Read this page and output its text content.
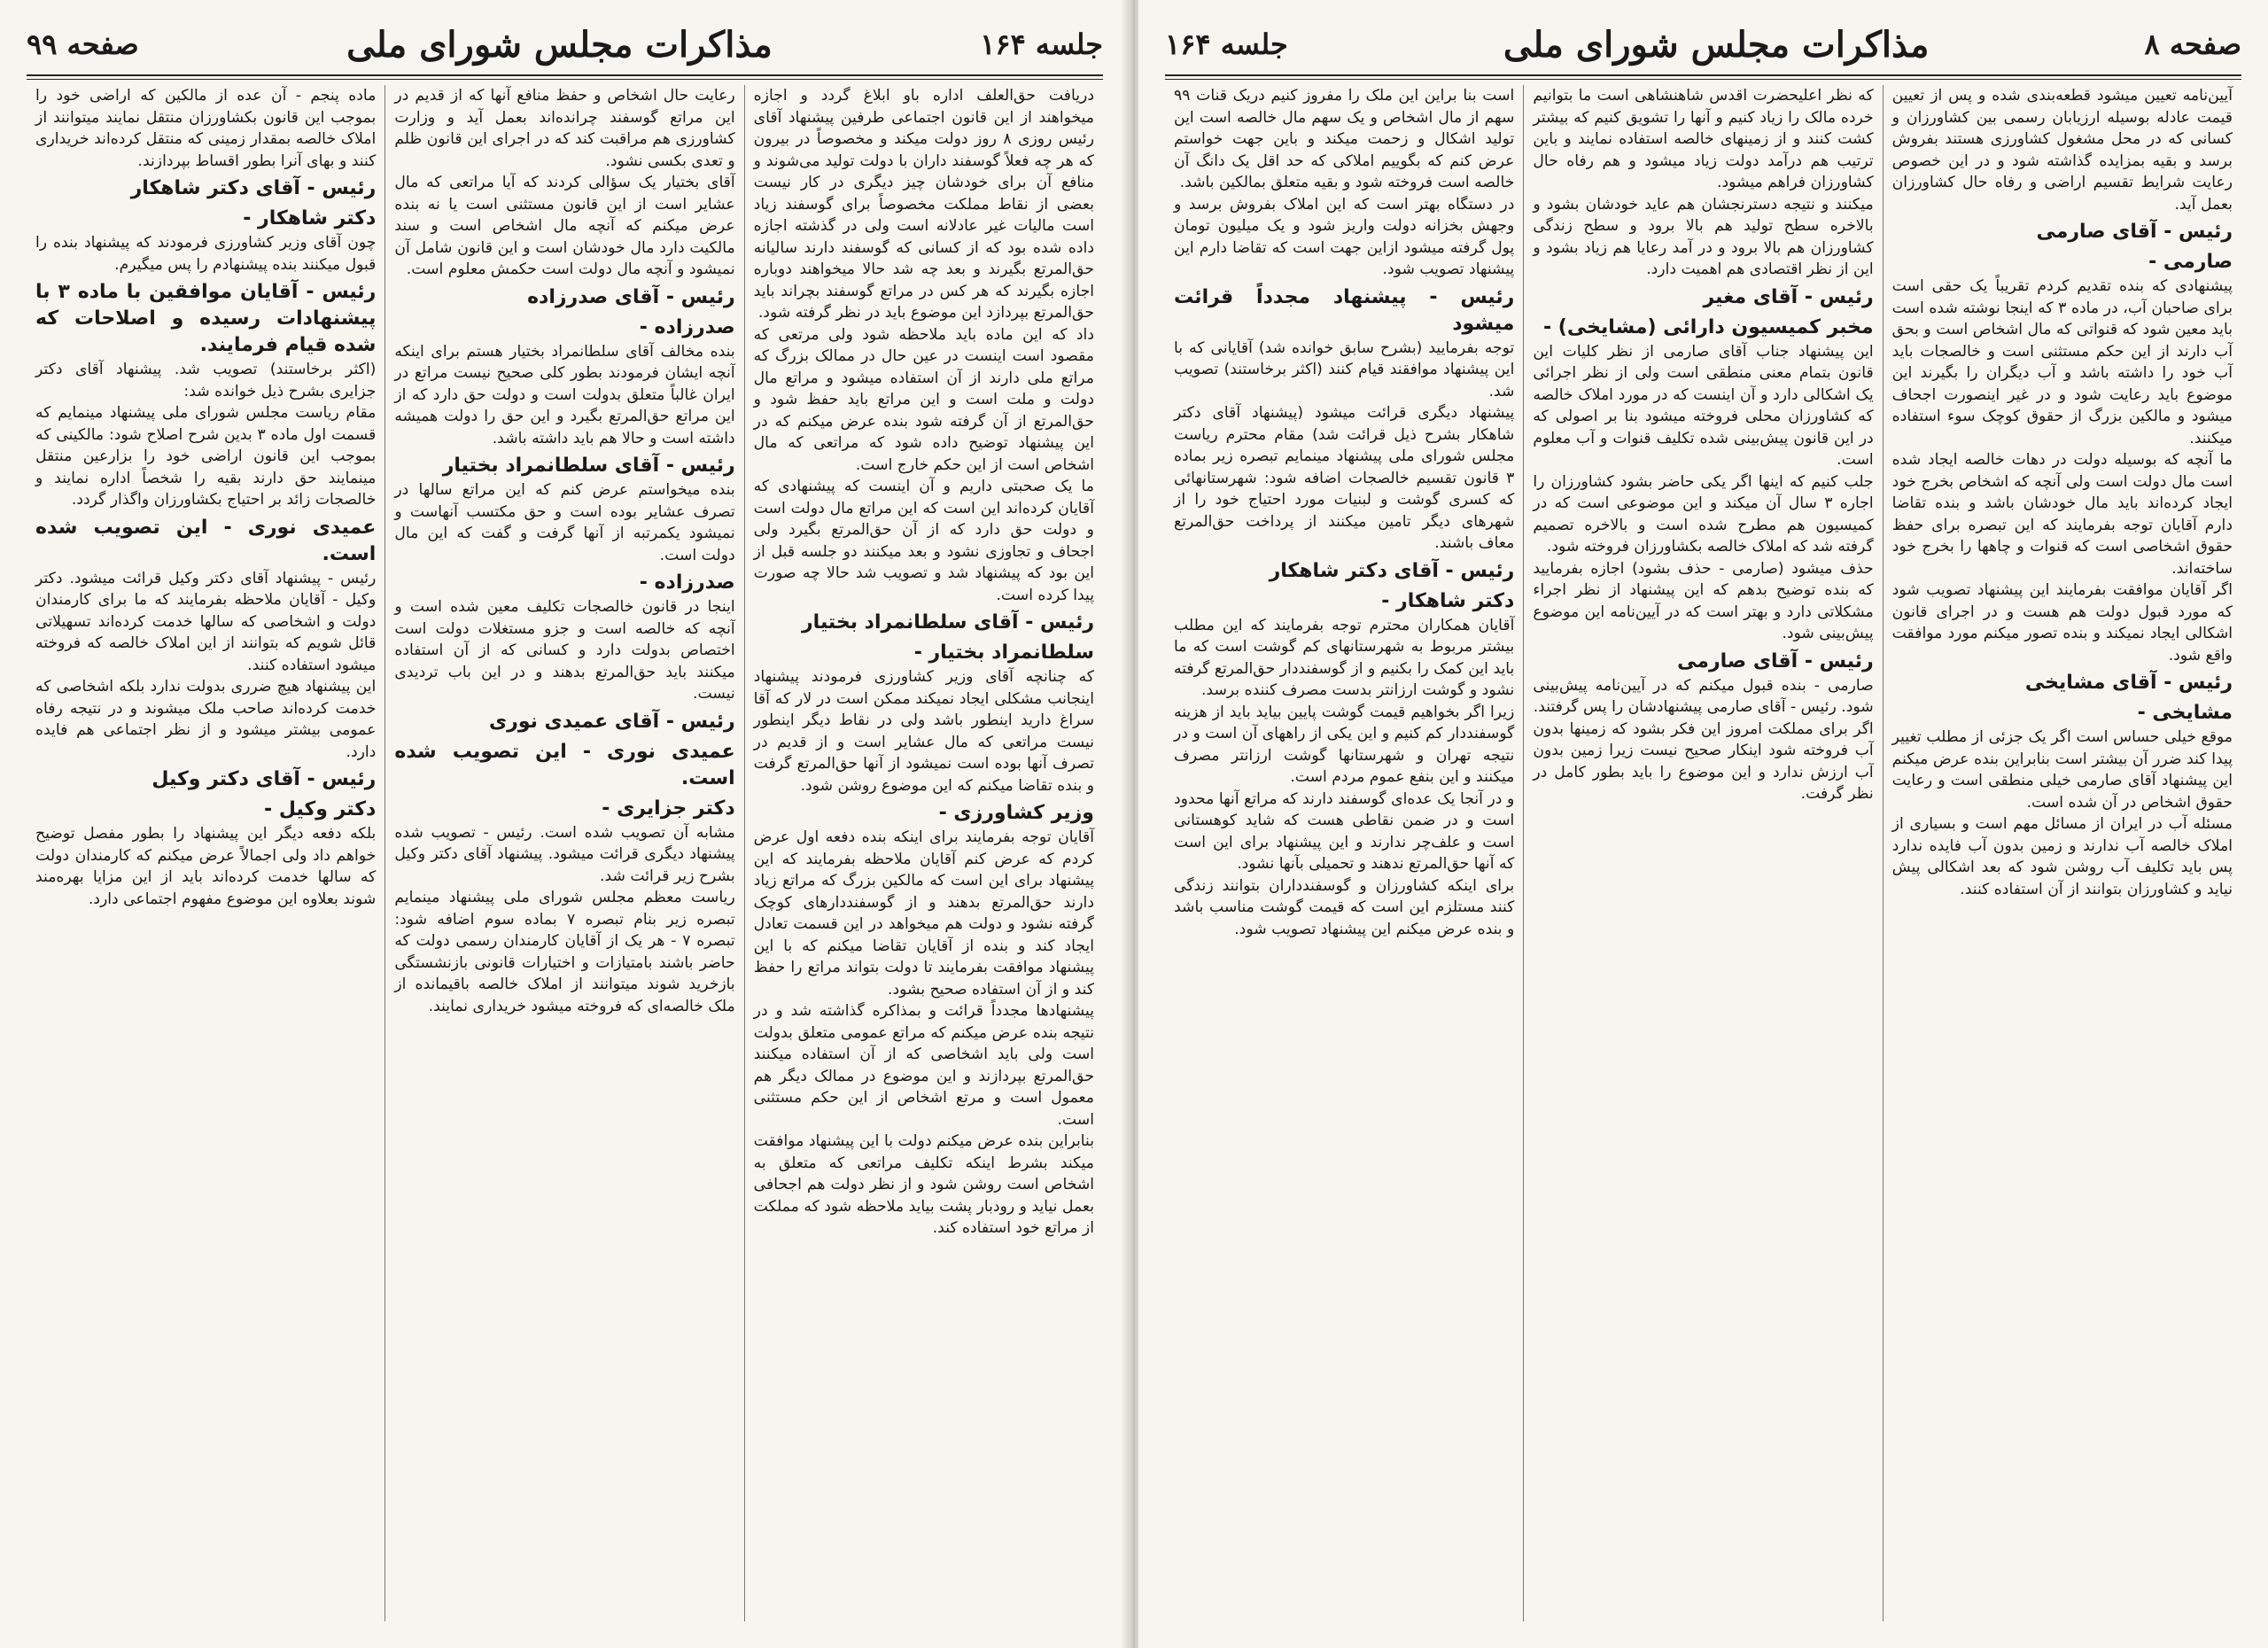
جلسه ۱۶۴
مذاکرات مجلس شورای ملی
صفحه ۹۹
دریافت حق‌العلف اداره باو ابلاغ گردد و اجازه میخواهند از این قانون اجتماعی طرفین پیشنهاد آقای رئیس روزی ۸ روز دولت میکند و مخصوصاً در بیرون که هر چه فعلاً گوسفند داران با دولت تولید می‌شوند و منافع آن برای خودشان چیز دیگری در کار نیست بعضی از نقاط مملکت مخصوصاً برای گوسفند زیاد است مالیات غیر عادلانه است ولی در گذشته اجازه داده شده بود که از کسانی که گوسفند دارند سالیانه حق‌المرتع بگیرند و بعد چه شد حالا میخواهند دوباره اجازه بگیرند که هر کس در مراتع گوسفند بچراند باید حق‌المرتع بپردازد این موضوع باید در نظر گرفته شود.
داد که این ماده باید ملاحظه شود ولی مرتعی که مقصود است اینست در عین حال در ممالک بزرگ که مراتع ملی دارند از آن استفاده میشود و مراتع مال دولت و ملت است و این مراتع باید حفظ شود و حق‌المرتع از آن گرفته شود بنده عرض میکنم که در این پیشنهاد توضیح داده شود که مراتعی که مال اشخاص است از این حکم خارج است.
ما یک صحبتی داریم و آن اینست که پیشنهادی که آقایان کرده‌اند این است که این مراتع مال دولت است و دولت حق دارد که از آن حق‌المرتع بگیرد ولی اجحاف و تجاوزی نشود و بعد میکنند دو جلسه قبل از این بود که پیشنهاد شد و تصویب شد حالا چه صورت پیدا کرده است.
رئیس - آقای سلطانمراد بختیار
سلطانمراد بختیار -
که چنانچه آقای وزیر کشاورزی فرمودند پیشنهاد اینجانب مشکلی ایجاد نمیکند ممکن است در لار که آقا سراغ دارید اینطور باشد ولی در نقاط دیگر اینطور نیست مراتعی که مال عشایر است و از قدیم در تصرف آنها بوده است نمیشود از آنها حق‌المرتع گرفت و بنده تقاضا میکنم که این موضوع روشن شود.
وزیر کشاورزی -
آقایان توجه بفرمایند برای اینکه بنده دفعه اول عرض کردم که عرض کنم آقایان ملاحظه بفرمایند که این پیشنهاد برای این است که مالکین بزرگ که مراتع زیاد دارند حق‌المرتع بدهند و از گوسفنددارهای کوچک گرفته نشود و دولت هم میخواهد در این قسمت تعادل ایجاد کند و بنده از آقایان تقاضا میکنم که با این پیشنهاد موافقت بفرمایند تا دولت بتواند مراتع را حفظ کند و از آن استفاده صحیح بشود.
پیشنهادها مجدداً قرائت و بمذاکره گذاشته شد و در نتیجه بنده عرض میکنم که مراتع عمومی متعلق بدولت است ولی باید اشخاصی که از آن استفاده میکنند حق‌المرتع بپردازند و این موضوع در ممالک دیگر هم معمول است و مرتع اشخاص از این حکم مستثنی است.
بنابراین بنده عرض میکنم دولت با این پیشنهاد موافقت میکند بشرط اینکه تکلیف مراتعی که متعلق به اشخاص است روشن شود و از نظر دولت هم اجحافی بعمل نیاید و رودبار پشت بیاید ملاحظه شود که مملکت از مراتع خود استفاده کند.
رعایت حال اشخاص و حفظ منافع آنها که از قدیم در این مراتع گوسفند چرانده‌اند بعمل آید و وزارت کشاورزی هم مراقبت کند که در اجرای این قانون ظلم و تعدی بکسی نشود.
آقای بختیار یک سؤالی کردند که آیا مراتعی که مال عشایر است از این قانون مستثنی است یا نه بنده عرض میکنم که آنچه مال اشخاص است و سند مالکیت دارد مال خودشان است و این قانون شامل آن نمیشود و آنچه مال دولت است حکمش معلوم است.
رئیس - آقای صدرزاده
صدرزاده -
بنده مخالف آقای سلطانمراد بختیار هستم برای اینکه آنچه ایشان فرمودند بطور کلی صحیح نیست مراتع در ایران غالباً متعلق بدولت است و دولت حق دارد که از این مراتع حق‌المرتع بگیرد و این حق را دولت همیشه داشته است و حالا هم باید داشته باشد.
رئیس - آقای سلطانمراد بختیار
بنده میخواستم عرض کنم که این مراتع سالها در تصرف عشایر بوده است و حق مکتسب آنهاست و نمیشود یکمرتبه از آنها گرفت و گفت که این مال دولت است.
صدرزاده -
اینجا در قانون خالصجات تکلیف معین شده است و آنچه که خالصه است و جزو مستغلات دولت است اختصاص بدولت دارد و کسانی که از آن استفاده میکنند باید حق‌المرتع بدهند و در این باب تردیدی نیست.
رئیس - آقای عمیدی نوری
عمیدی نوری - این تصویب شده است.
دکتر جزایری -
مشابه آن تصویب شده است. رئیس - تصویب شده پیشنهاد دیگری قرائت میشود. پیشنهاد آقای دکتر وکیل بشرح زیر قرائت شد.
ریاست معظم مجلس شورای ملی پیشنهاد مینمایم تبصره زیر بنام تبصره ۷ بماده سوم اضافه شود: تبصره ۷ - هر یک از آقایان کارمندان رسمی دولت که حاضر باشند بامتیازات و اختیارات قانونی بازنشستگی بازخرید شوند میتوانند از املاک خالصه باقیمانده از ملک خالصه‌ای که فروخته میشود خریداری نمایند.
ماده پنجم - آن عده از مالکین که اراضی خود را بموجب این قانون بکشاورزان منتقل نمایند میتوانند از املاک خالصه بمقدار زمینی که منتقل کرده‌اند خریداری کنند و بهای آنرا بطور اقساط بپردازند.
رئیس - آقای دکتر شاهکار
دکتر شاهکار -
چون آقای وزیر کشاورزی فرمودند که پیشنهاد بنده را قبول میکنند بنده پیشنهادم را پس میگیرم.
رئیس - آقایان موافقین با ماده ۳ با پیشنهادات رسیده و اصلاحات که شده قیام فرمایند.
(اکثر برخاستند) تصویب شد. پیشنهاد آقای دکتر جزایری بشرح ذیل خوانده شد:
مقام ریاست مجلس شورای ملی پیشنهاد مینمایم که قسمت اول ماده ۳ بدین شرح اصلاح شود: مالکینی که بموجب این قانون اراضی خود را بزارعین منتقل مینمایند حق دارند بقیه را شخصاً اداره نمایند و خالصجات زائد بر احتیاج بکشاورزان واگذار گردد.
عمیدی نوری - این تصویب شده است.
رئیس - پیشنهاد آقای دکتر وکیل قرائت میشود. دکتر وکیل - آقایان ملاحظه بفرمایند که ما برای کارمندان دولت و اشخاصی که سالها خدمت کرده‌اند تسهیلاتی قائل شویم که بتوانند از این املاک خالصه که فروخته میشود استفاده کنند.
این پیشنهاد هیچ ضرری بدولت ندارد بلکه اشخاصی که خدمت کرده‌اند صاحب ملک میشوند و در نتیجه رفاه عمومی بیشتر میشود و از نظر اجتماعی هم فایده دارد.
رئیس - آقای دکتر وکیل
دکتر وکیل -
بلکه دفعه دیگر این پیشنهاد را بطور مفصل توضیح خواهم داد ولی اجمالاً عرض میکنم که کارمندان دولت که سالها خدمت کرده‌اند باید از این مزایا بهره‌مند شوند بعلاوه این موضوع مفهوم اجتماعی دارد.
صفحه ۸
مذاکرات مجلس شورای ملی
جلسه ۱۶۴
آیین‌نامه تعیین میشود قطعه‌بندی شده و پس از تعیین قیمت عادله بوسیله ارزیابان رسمی بین کشاورزان و کسانی که در محل مشغول کشاورزی هستند بفروش برسد و بقیه بمزایده گذاشته شود و در این خصوص رعایت شرایط تقسیم اراضی و رفاه حال کشاورزان بعمل آید.
رئیس - آقای صارمی
صارمی -
پیشنهادی که بنده تقدیم کردم تقریباً یک حقی است برای صاحبان آب، در ماده ۳ که اینجا نوشته شده است باید معین شود که قنواتی که مال اشخاص است و بحق آب دارند از این حکم مستثنی است و خالصجات باید آب خود را داشته باشد و آب دیگران را بگیرند این موضوع باید رعایت شود و در غیر اینصورت اجحاف میشود و مالکین بزرگ از حقوق کوچک سوء استفاده میکنند.
ما آنچه که بوسیله دولت در دهات خالصه ایجاد شده است مال دولت است ولی آنچه که اشخاص بخرج خود ایجاد کرده‌اند باید مال خودشان باشد و بنده تقاضا دارم آقایان توجه بفرمایند که این تبصره برای حفظ حقوق اشخاصی است که قنوات و چاهها را بخرج خود ساخته‌اند.
اگر آقایان موافقت بفرمایند این پیشنهاد تصویب شود که مورد قبول دولت هم هست و در اجرای قانون اشکالی ایجاد نمیکند و بنده تصور میکنم مورد موافقت واقع شود.
رئیس - آقای مشایخی
مشایخی -
موقع خیلی حساس است اگر یک جزئی از مطلب تغییر پیدا کند ضرر آن بیشتر است بنابراین بنده عرض میکنم این پیشنهاد آقای صارمی خیلی منطقی است و رعایت حقوق اشخاص در آن شده است.
مسئله آب در ایران از مسائل مهم است و بسیاری از املاک خالصه آب ندارند و زمین بدون آب فایده ندارد پس باید تکلیف آب روشن شود که بعد اشکالی پیش نیاید و کشاورزان بتوانند از آن استفاده کنند.
که نظر اعلیحضرت اقدس شاهنشاهی است ما بتوانیم خرده مالک را زیاد کنیم و آنها را تشویق کنیم که بیشتر کشت کنند و از زمینهای خالصه استفاده نمایند و باین ترتیب هم درآمد دولت زیاد میشود و هم رفاه حال کشاورزان فراهم میشود.
میکنند و نتیجه دسترنجشان هم عاید خودشان بشود و بالاخره سطح تولید هم بالا برود و سطح زندگی کشاورزان هم بالا برود و در آمد رعایا هم زیاد بشود و این از نظر اقتصادی هم اهمیت دارد.
رئیس - آقای مغیر
مخبر کمیسیون دارائی (مشایخی) -
این پیشنهاد جناب آقای صارمی از نظر کلیات این قانون بتمام معنی منطقی است ولی از نظر اجرائی یک اشکالی دارد و آن اینست که در مورد املاک خالصه که کشاورزان محلی فروخته میشود بنا بر اصولی که در این قانون پیش‌بینی شده تکلیف قنوات و آب معلوم است.
جلب کنیم که اینها اگر یکی حاضر بشود کشاورزان را اجاره ۳ سال آن میکند و این موضوعی است که در کمیسیون هم مطرح شده است و بالاخره تصمیم گرفته شد که املاک خالصه بکشاورزان فروخته شود.
حذف میشود (صارمی - حذف بشود) اجازه بفرمایید که بنده توضیح بدهم که این پیشنهاد از نظر اجراء مشکلاتی دارد و بهتر است که در آیین‌نامه این موضوع پیش‌بینی شود.
رئیس - آقای صارمی
صارمی - بنده قبول میکنم که در آیین‌نامه پیش‌بینی شود. رئیس - آقای صارمی پیشنهادشان را پس گرفتند.
اگر برای مملکت امروز این فکر بشود که زمینها بدون آب فروخته شود اینکار صحیح نیست زیرا زمین بدون آب ارزش ندارد و این موضوع را باید بطور کامل در نظر گرفت.
است بنا براین این ملک را مفروز کنیم دریک قنات ۹۹ سهم از مال اشخاص و یک سهم مال خالصه است این تولید اشکال و زحمت میکند و باین جهت خواستم عرض کنم که بگوییم املاکی که حد اقل یک دانگ آن خالصه است فروخته شود و بقیه متعلق بمالکین باشد.
در دستگاه بهتر است که این املاک بفروش برسد و وجهش بخزانه دولت واریز شود و یک میلیون تومان پول گرفته میشود ازاین جهت است که تقاضا دارم این پیشنهاد تصویب شود.
رئیس - پیشنهاد مجدداً قرائت میشود
توجه بفرمایید (بشرح سابق خوانده شد) آقایانی که با این پیشنهاد موافقند قیام کنند (اکثر برخاستند) تصویب شد.
پیشنهاد دیگری قرائت میشود (پیشنهاد آقای دکتر شاهکار بشرح ذیل قرائت شد) مقام محترم ریاست مجلس شورای ملی پیشنهاد مینمایم تبصره زیر بماده ۳ قانون تقسیم خالصجات اضافه شود: شهرستانهائی که کسری گوشت و لبنیات مورد احتیاج خود را از شهرهای دیگر تامین میکنند از پرداخت حق‌المرتع معاف باشند.
رئیس - آقای دکتر شاهکار
دکتر شاهکار -
آقایان همکاران محترم توجه بفرمایند که این مطلب بیشتر مربوط به شهرستانهای کم گوشت است که ما باید این کمک را بکنیم و از گوسفنددار حق‌المرتع گرفته نشود و گوشت ارزانتر بدست مصرف کننده برسد.
زیرا اگر بخواهیم قیمت گوشت پایین بیاید باید از هزینه گوسفنددار کم کنیم و این یکی از راههای آن است و در نتیجه تهران و شهرستانها گوشت ارزانتر مصرف میکنند و این بنفع عموم مردم است.
و در آنجا یک عده‌ای گوسفند دارند که مراتع آنها محدود است و در ضمن نقاطی هست که شاید کوهستانی است و علف‌چر ندارند و این پیشنهاد برای این است که آنها حق‌المرتع ندهند و تحمیلی بآنها نشود.
برای اینکه کشاورزان و گوسفندداران بتوانند زندگی کنند مستلزم این است که قیمت گوشت مناسب باشد و بنده عرض میکنم این پیشنهاد تصویب شود.
